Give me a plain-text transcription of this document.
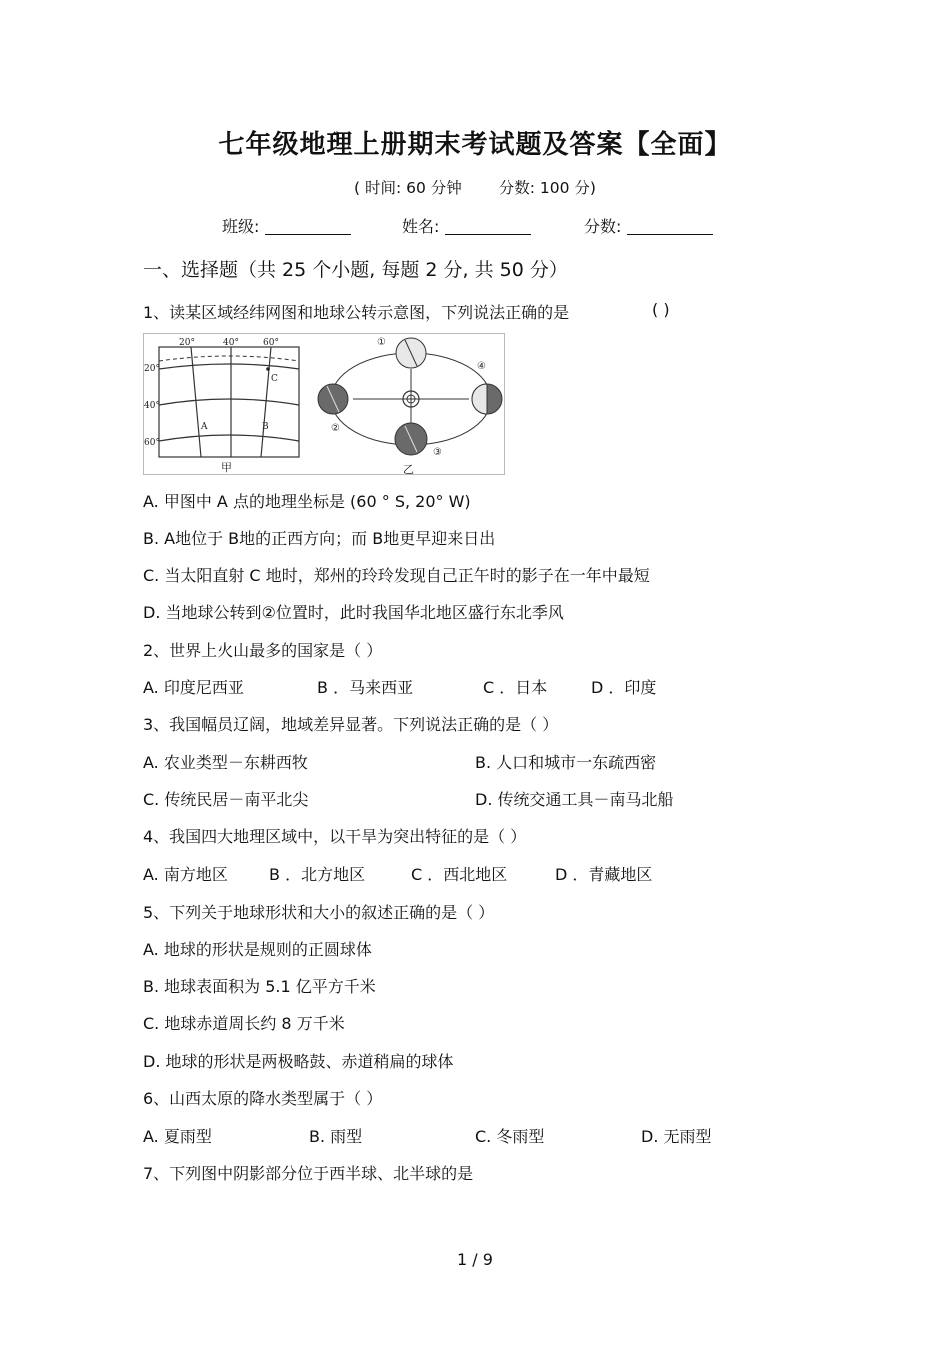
七年级地理上册期末考试题及答案【全面】
( 时间: 60 分钟 分数: 100 分)
班级:	姓名:	分数:
一、选择题（共 25 个小题, 每题 2 分, 共 50 分）
1、读某区域经纬网图和地球公转示意图，下列说法正确的是	( )
20°	40°	60°
20°
40°
60°
A	B
C
甲
①
②
③
④
乙
A. 甲图中 A 点的地理坐标是 (60 ° S, 20° W)
B. A地位于 B地的正西方向；而 B地更早迎来日出
C. 当太阳直射 C 地时，郑州的玲玲发现自己正午时的影子在一年中最短
D. 当地球公转到②位置时，此时我国华北地区盛行东北季风
2、世界上火山最多的国家是（ ）
A. 印度尼西亚	B ．马来西亚	C ．日本	D ．印度
3、我国幅员辽阔，地域差异显著。下列说法正确的是（ ）
A. 农业类型－东耕西牧	B. 人口和城市一东疏西密
C. 传统民居－南平北尖	D. 传统交通工具－南马北船
4、我国四大地理区域中，以干旱为突出特征的是（ ）
A. 南方地区	B ．北方地区	C ．西北地区	D ．青藏地区
5、下列关于地球形状和大小的叙述正确的是（ ）
A. 地球的形状是规则的正圆球体
B. 地球表面积为 5.1 亿平方千米
C. 地球赤道周长约 8 万千米
D. 地球的形状是两极略鼓、赤道稍扁的球体
6、山西太原的降水类型属于（ ）
A. 夏雨型	B. 雨型	C. 冬雨型	D. 无雨型
7、下列图中阴影部分位于西半球、北半球的是
1 / 9
